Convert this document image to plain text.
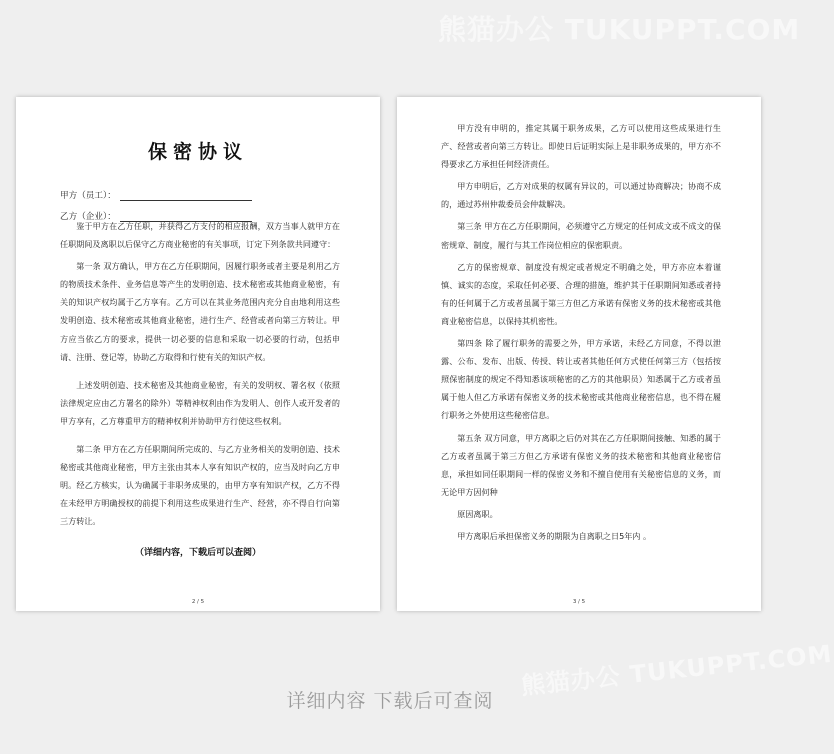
熊猫办公 TUKUPPT.COM
保密协议
甲方（员工）：
乙方（企业）：

鉴于甲方在乙方任职，并获得乙方支付的相应报酬，双方当事人就甲方在任职期间及离职以后保守乙方商业秘密的有关事项，订定下列条款共同遵守：

第一条 双方确认，甲方在乙方任职期间，因履行职务或者主要是利用乙方的物质技术条件、业务信息等产生的发明创造、技术秘密或其他商业秘密，有关的知识产权均属于乙方享有。乙方可以在其业务范围内充分自由地利用这些发明创造、技术秘密或其他商业秘密，进行生产、经营或者向第三方转让。甲方应当依乙方的要求，提供一切必要的信息和采取一切必要的行动，包括申请、注册、登记等，协助乙方取得和行使有关的知识产权。

上述发明创造、技术秘密及其他商业秘密，有关的发明权、署名权（依照法律规定应由乙方署名的除外）等精神权利由作为发明人、创作人或开发者的甲方享有，乙方尊重甲方的精神权利并协助甲方行使这些权利。

第二条 甲方在乙方任职期间所完成的、与乙方业务相关的发明创造、技术秘密或其他商业秘密，甲方主张由其本人享有知识产权的，应当及时向乙方申明。经乙方核实，认为确属于非职务成果的，由甲方享有知识产权，乙方不得在未经甲方明确授权的前提下利用这些成果进行生产、经营，亦不得自行向第三方转让。

（详细内容，下载后可以查阅）
2 / 5

甲方没有申明的，推定其属于职务成果，乙方可以使用这些成果进行生产、经营或者向第三方转让。即使日后证明实际上是非职务成果的，甲方亦不得要求乙方承担任何经济责任。

甲方申明后，乙方对成果的权属有异议的，可以通过协商解决；协商不成的，通过苏州仲裁委员会仲裁解决。

第三条 甲方在乙方任职期间，必须遵守乙方规定的任何成文或不成文的保密规章、制度，履行与其工作岗位相应的保密职责。

乙方的保密规章、制度没有规定或者规定不明确之处，甲方亦应本着谨慎、诚实的态度，采取任何必要、合理的措施，维护其于任职期间知悉或者持有的任何属于乙方或者虽属于第三方但乙方承诺有保密义务的技术秘密或其他商业秘密信息，以保持其机密性。

第四条 除了履行职务的需要之外，甲方承诺，未经乙方同意，不得以泄露、公布、发布、出版、传授、转让或者其他任何方式使任何第三方（包括按照保密制度的规定不得知悉该项秘密的乙方的其他职员）知悉属于乙方或者虽属于他人但乙方承诺有保密义务的技术秘密或其他商业秘密信息，也不得在履行职务之外使用这些秘密信息。

第五条 双方同意，甲方离职之后仍对其在乙方任职期间接触、知悉的属于乙方或者虽属于第三方但乙方承诺有保密义务的技术秘密和其他商业秘密信息，承担如同任职期间一样的保密义务和不擅自使用有关秘密信息的义务，而无论甲方因何种

原因离职。

甲方离职后承担保密义务的期限为自离职之日5年内 。

3 / 5
熊猫办公 TUKUPPT.COM
详细内容 下载后可查阅
